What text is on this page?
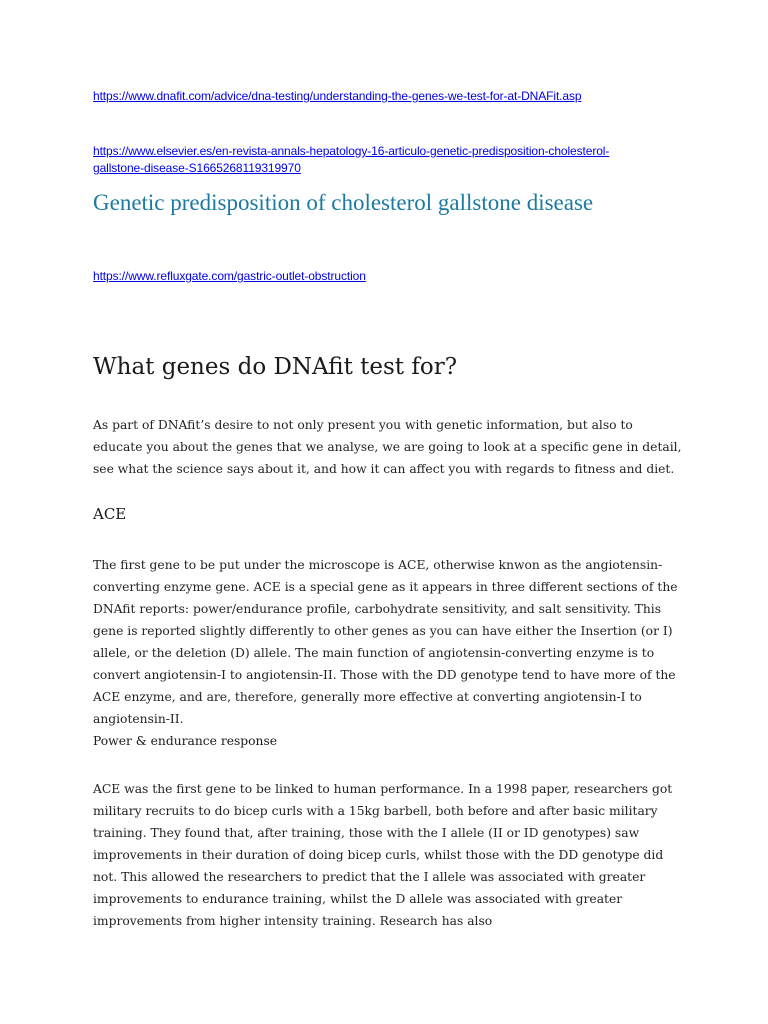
https://www.dnafit.com/advice/dna-testing/understanding-the-genes-we-test-for-at-DNAFit.asp
https://www.elsevier.es/en-revista-annals-hepatology-16-articulo-genetic-predisposition-cholesterol-gallstone-disease-S1665268119319970
Genetic predisposition of cholesterol gallstone disease
https://www.refluxgate.com/gastric-outlet-obstruction
What genes do DNAfit test for?

As part of DNAfit’s desire to not only present you with genetic information, but also to educate you about the genes that we analyse, we are going to look at a specific gene in detail, see what the science says about it, and how it can affect you with regards to fitness and diet.

ACE

The first gene to be put under the microscope is ACE, otherwise knwon as the angiotensin-converting enzyme gene. ACE is a special gene as it appears in three different sections of the DNAfit reports: power/endurance profile, carbohydrate sensitivity, and salt sensitivity. This gene is reported slightly differently to other genes as you can have either the Insertion (or I) allele, or the deletion (D) allele. The main function of angiotensin-converting enzyme is to convert angiotensin-I to angiotensin-II. Those with the DD genotype tend to have more of the ACE enzyme, and are, therefore, generally more effective at converting angiotensin-I to angiotensin-II.

Power & endurance response

ACE was the first gene to be linked to human performance. In a 1998 paper, researchers got military recruits to do bicep curls with a 15kg barbell, both before and after basic military training. They found that, after training, those with the I allele (II or ID genotypes) saw improvements in their duration of doing bicep curls, whilst those with the DD genotype did not. This allowed the researchers to predict that the I allele was associated with greater improvements to endurance training, whilst the D allele was associated with greater improvements from higher intensity training. Research has also
